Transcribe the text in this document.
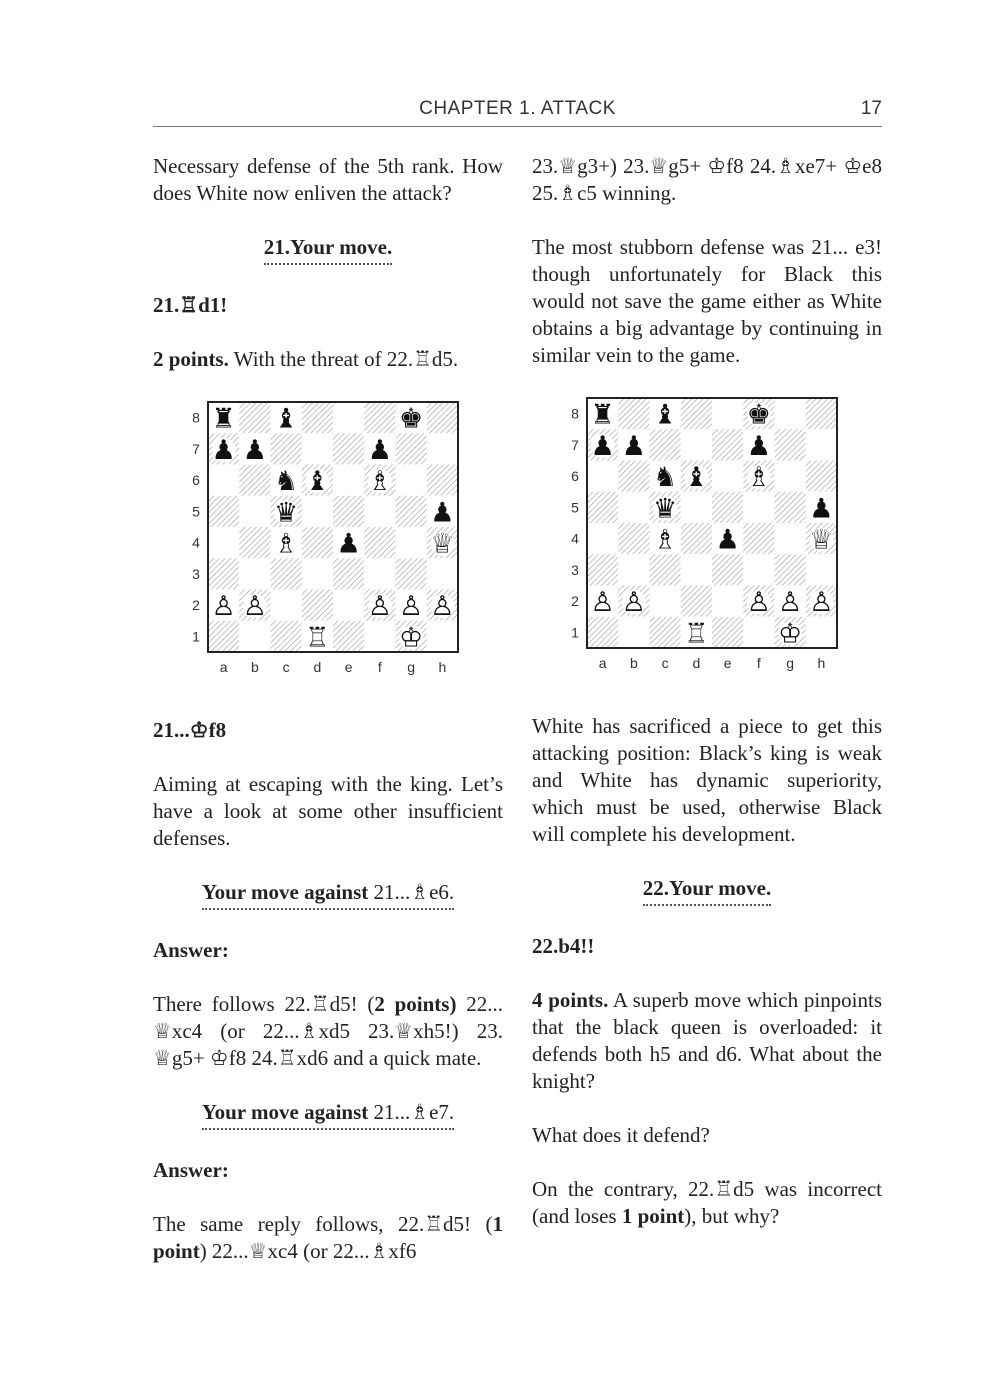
CHAPTER 1. ATTACK	17

Necessary defense of the 5th rank. How does White now enliven the attack?

21.Your move.

21.♖d1!

2 points. With the threat of 22.♖d5.

8
7
6
5
4
3
2
1
a b c d e f g h
♜ ♝	♚
♟ ♟	♟
♞ ♝ ♗
♛	♟
♗ ♟	♕
♙ ♙	♙ ♙ ♙
♖	♔

21...♔f8

Aiming at escaping with the king. Let’s have a look at some other insufficient defenses.

Your move against 21...♗e6.

Answer:

There follows 22.♖d5! (2 points) 22... ♕xc4 (or 22...♗xd5 23.♕xh5!) 23. ♕g5+ ♔f8 24.♖xd6 and a quick mate.

Your move against 21...♗e7.

Answer:

The same reply follows, 22.♖d5! (1 point) 22...♕xc4 (or 22...♗xf6

23.♕g3+) 23.♕g5+ ♔f8 24.♗xe7+ ♔e8 25.♗c5 winning.

The most stubborn defense was 21... e3! though unfortunately for Black this would not save the game either as White obtains a big advantage by continuing in similar vein to the game.

8
7
6
5
4
3
2
1
a b c d e f g h
♜ ♝	♚
♟ ♟	♟
♞ ♝ ♗
♛	♟
♗ ♟	♕
♙ ♙	♙ ♙ ♙
♖	♔

White has sacrificed a piece to get this attacking position: Black’s king is weak and White has dynamic superiority, which must be used, otherwise Black will complete his development.

22.Your move.

22.b4!!

4 points. A superb move which pinpoints that the black queen is overloaded: it defends both h5 and d6. What about the knight?

What does it defend?

On the contrary, 22.♖d5 was incorrect (and loses 1 point), but why?
